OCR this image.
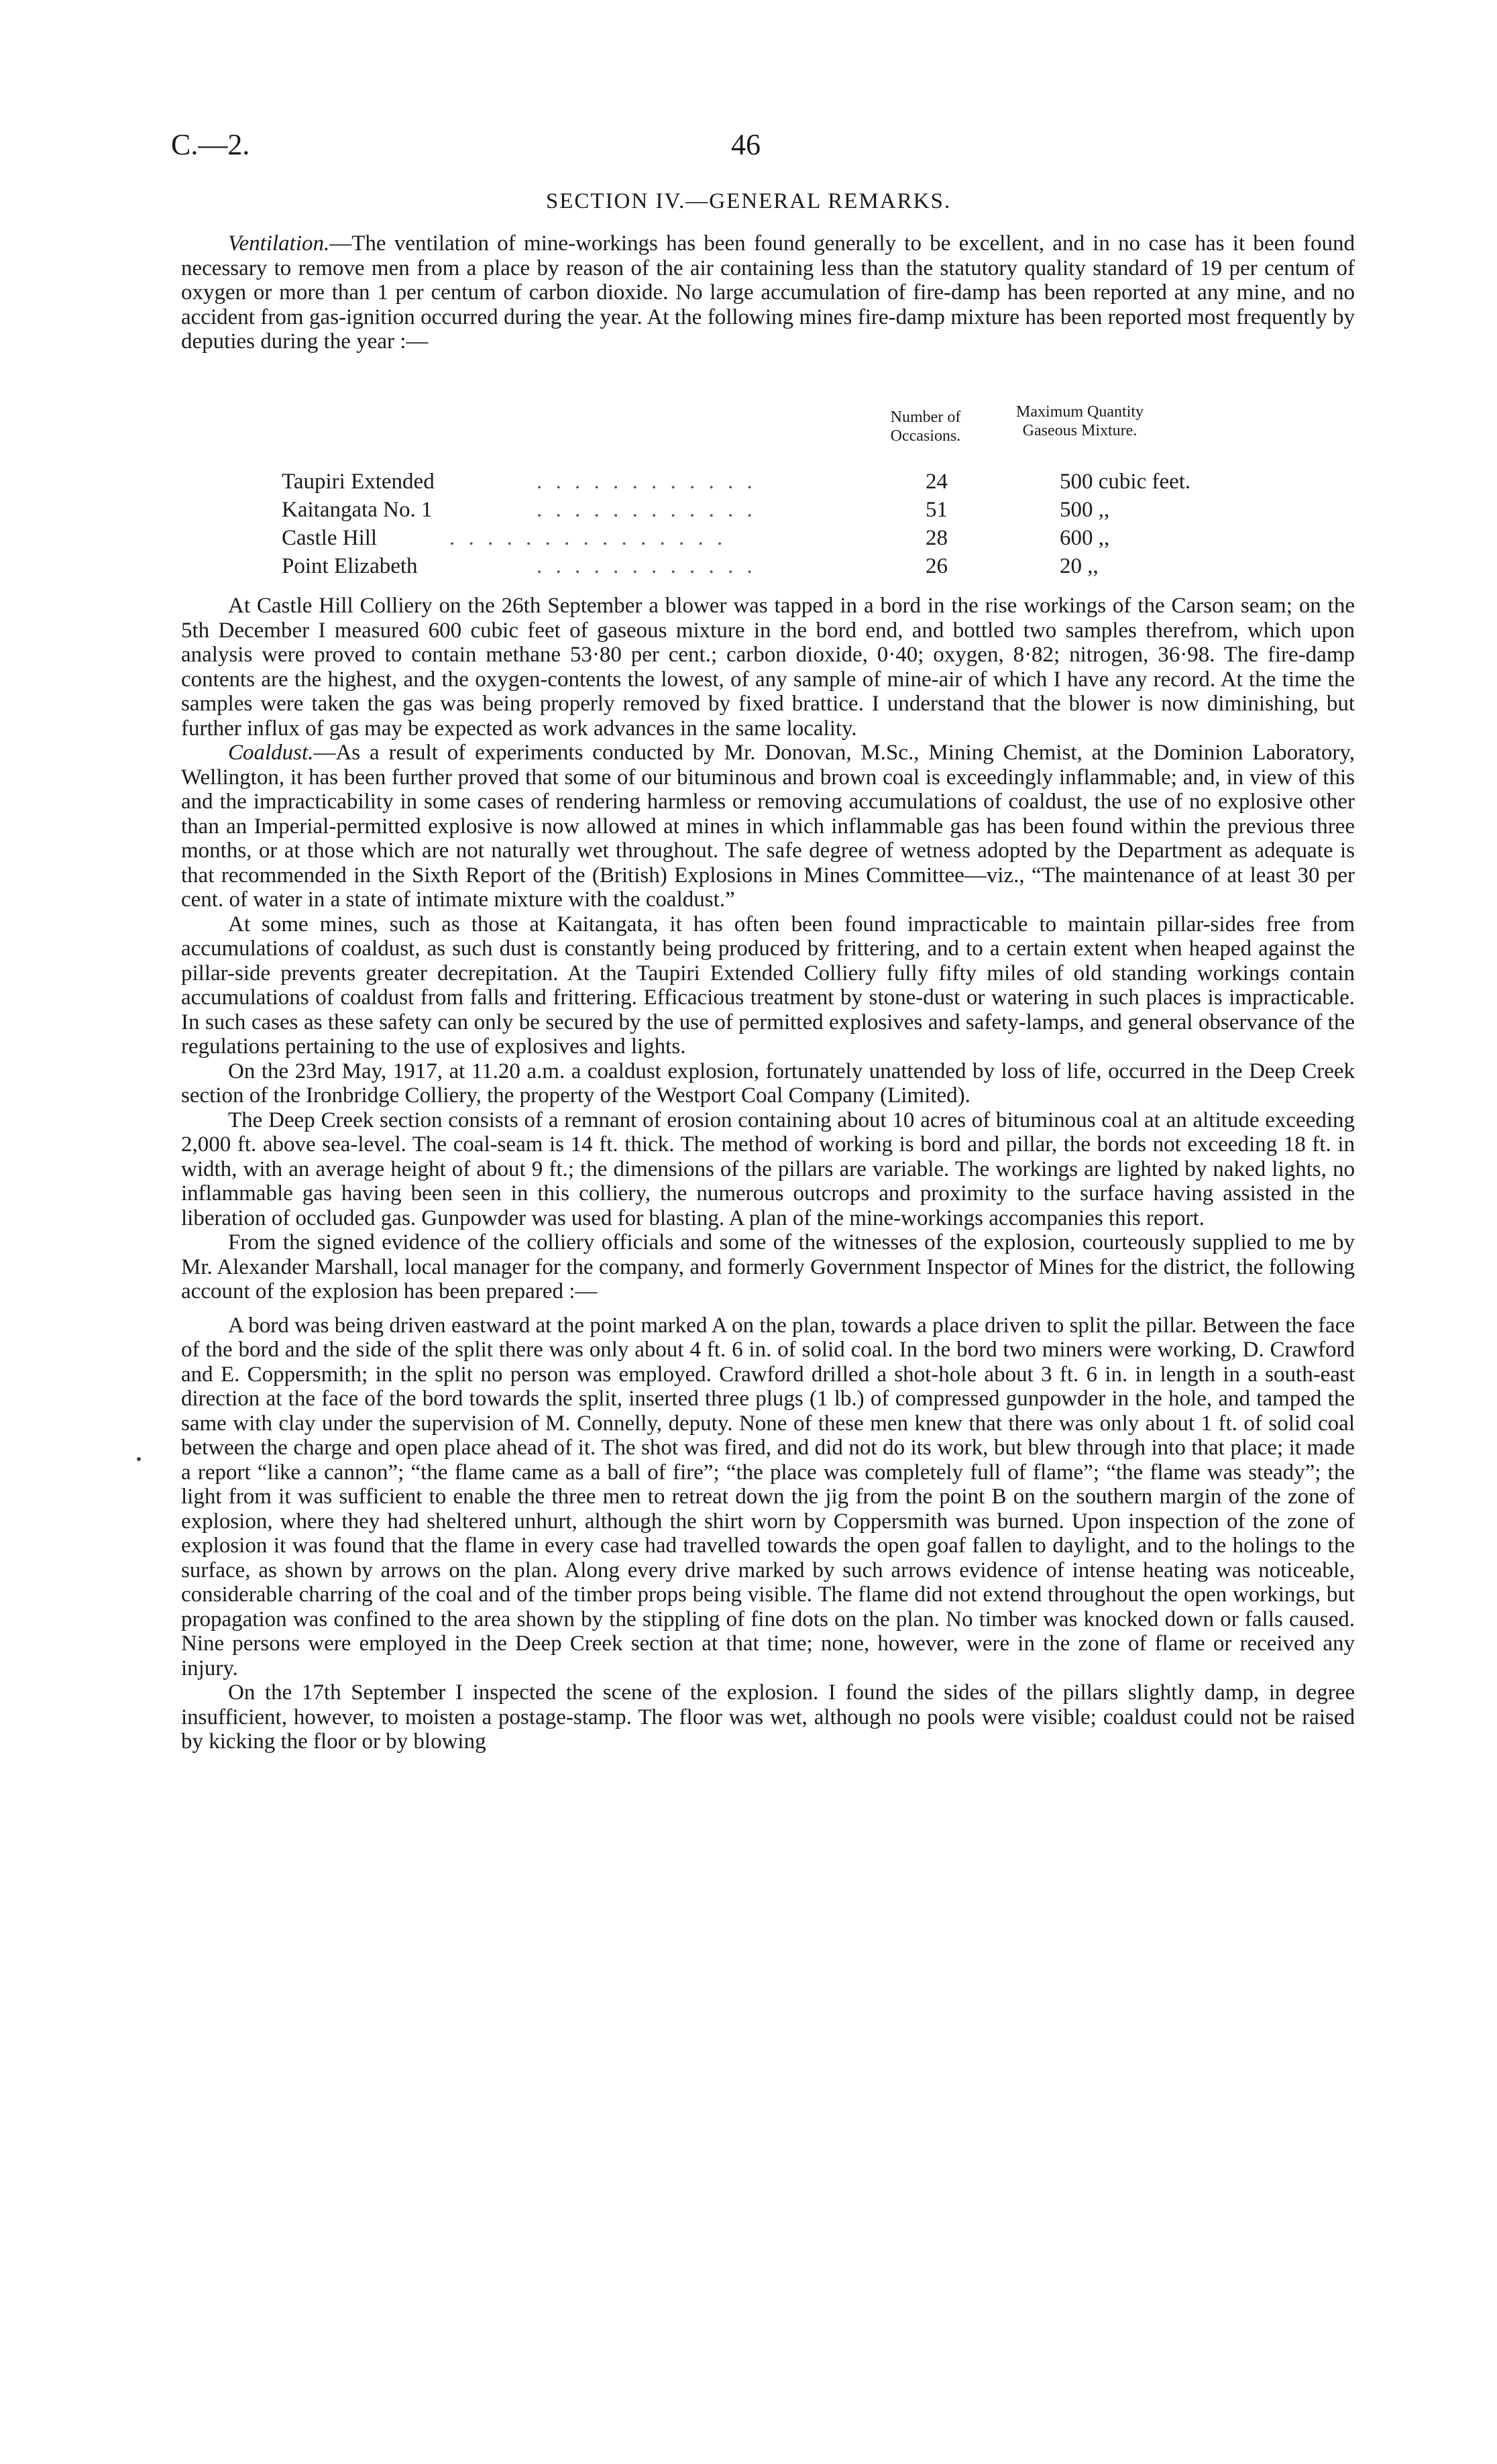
C.—2.	46
SECTION IV.—GENERAL REMARKS.

Ventilation.—The ventilation of mine-workings has been found generally to be excellent, and in no case has it been found necessary to remove men from a place by reason of the air containing less than the statutory quality standard of 19 per centum of oxygen or more than 1 per centum of carbon dioxide. No large accumulation of fire-damp has been reported at any mine, and no accident from gas-ignition occurred during the year. At the following mines fire-damp mixture has been reported most frequently by deputies during the year :—

Number of Occasions.
Maximum Quantity Gaseous Mixture.
Taupiri Extended	. . . . . . . . . . . .	24	500 cubic feet.
Kaitangata No. 1	. . . . . . . . . . . .	51	500 ,,
Castle Hill	. . . . . . . . . . . . . . .	28	600 ,,
Point Elizabeth	. . . . . . . . . . . .	26	20 ,,

At Castle Hill Colliery on the 26th September a blower was tapped in a bord in the rise workings of the Carson seam; on the 5th December I measured 600 cubic feet of gaseous mixture in the bord end, and bottled two samples therefrom, which upon analysis were proved to contain methane 53·80 per cent.; carbon dioxide, 0·40; oxygen, 8·82; nitrogen, 36·98. The fire-damp contents are the highest, and the oxygen-contents the lowest, of any sample of mine-air of which I have any record. At the time the samples were taken the gas was being properly removed by fixed brattice. I understand that the blower is now diminishing, but further influx of gas may be expected as work advances in the same locality.

Coaldust.—As a result of experiments conducted by Mr. Donovan, M.Sc., Mining Chemist, at the Dominion Laboratory, Wellington, it has been further proved that some of our bituminous and brown coal is exceedingly inflammable; and, in view of this and the impracticability in some cases of rendering harmless or removing accumulations of coaldust, the use of no explosive other than an Imperial-permitted explosive is now allowed at mines in which inflammable gas has been found within the previous three months, or at those which are not naturally wet throughout. The safe degree of wetness adopted by the Department as adequate is that recommended in the Sixth Report of the (British) Explosions in Mines Committee—viz., “The maintenance of at least 30 per cent. of water in a state of intimate mixture with the coaldust.”

At some mines, such as those at Kaitangata, it has often been found impracticable to maintain pillar-sides free from accumulations of coaldust, as such dust is constantly being produced by frittering, and to a certain extent when heaped against the pillar-side prevents greater decrepitation. At the Taupiri Extended Colliery fully fifty miles of old standing workings contain accumulations of coaldust from falls and frittering. Efficacious treatment by stone-dust or watering in such places is impracticable. In such cases as these safety can only be secured by the use of permitted explosives and safety-lamps, and general observance of the regulations pertaining to the use of explosives and lights.

On the 23rd May, 1917, at 11.20 a.m. a coaldust explosion, fortunately unattended by loss of life, occurred in the Deep Creek section of the Ironbridge Colliery, the property of the Westport Coal Company (Limited).

The Deep Creek section consists of a remnant of erosion containing about 10 acres of bituminous coal at an altitude exceeding 2,000 ft. above sea-level. The coal-seam is 14 ft. thick. The method of working is bord and pillar, the bords not exceeding 18 ft. in width, with an average height of about 9 ft.; the dimensions of the pillars are variable. The workings are lighted by naked lights, no inflammable gas having been seen in this colliery, the numerous outcrops and proximity to the surface having assisted in the liberation of occluded gas. Gunpowder was used for blasting. A plan of the mine-workings accompanies this report.

From the signed evidence of the colliery officials and some of the witnesses of the explosion, courteously supplied to me by Mr. Alexander Marshall, local manager for the company, and formerly Government Inspector of Mines for the district, the following account of the explosion has been prepared :—

A bord was being driven eastward at the point marked A on the plan, towards a place driven to split the pillar. Between the face of the bord and the side of the split there was only about 4 ft. 6 in. of solid coal. In the bord two miners were working, D. Crawford and E. Coppersmith; in the split no person was employed. Crawford drilled a shot-hole about 3 ft. 6 in. in length in a south-east direction at the face of the bord towards the split, inserted three plugs (1 lb.) of compressed gunpowder in the hole, and tamped the same with clay under the supervision of M. Connelly, deputy. None of these men knew that there was only about 1 ft. of solid coal between the charge and open place ahead of it. The shot was fired, and did not do its work, but blew through into that place; it made a report “like a cannon”; “the flame came as a ball of fire”; “the place was completely full of flame”; “the flame was steady”; the light from it was sufficient to enable the three men to retreat down the jig from the point B on the southern margin of the zone of explosion, where they had sheltered unhurt, although the shirt worn by Coppersmith was burned. Upon inspection of the zone of explosion it was found that the flame in every case had travelled towards the open goaf fallen to daylight, and to the holings to the surface, as shown by arrows on the plan. Along every drive marked by such arrows evidence of intense heating was noticeable, considerable charring of the coal and of the timber props being visible. The flame did not extend throughout the open workings, but propagation was confined to the area shown by the stippling of fine dots on the plan. No timber was knocked down or falls caused. Nine persons were employed in the Deep Creek section at that time; none, however, were in the zone of flame or received any injury.

On the 17th September I inspected the scene of the explosion. I found the sides of the pillars slightly damp, in degree insufficient, however, to moisten a postage-stamp. The floor was wet, although no pools were visible; coaldust could not be raised by kicking the floor or by blowing
